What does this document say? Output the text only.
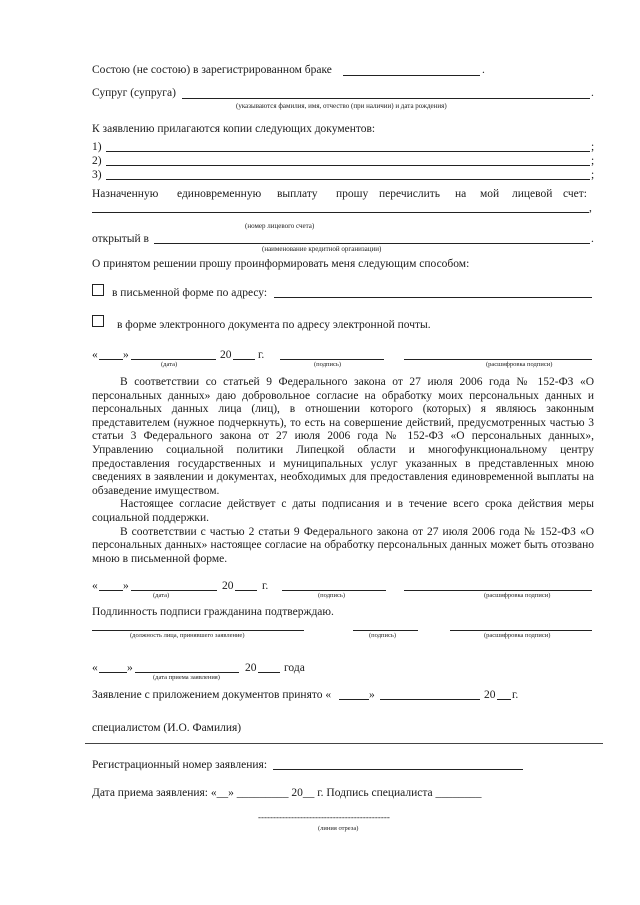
Состою (не состою) в зарегистрированном браке	.
Супруг (супруга)	.
(указываются фамилия, имя, отчество (при наличии) и дата рождения)
К заявлению прилагаются копии следующих документов:
1)	;
2)	;
3)	;
Назначенную единовременную выплату прошу перечислить на мой лицевой счет:
,
(номер лицевого счета)
открытый в	.
(наименование кредитной организации)
О принятом решении прошу проинформировать меня следующим способом:
в письменной форме по адресу:
в форме электронного документа по адресу электронной почты.
« »	20 г.
(дата)	(подпись)	(расшифровка подписи)

В соответствии со статьей 9 Федерального закона от 27 июля 2006 года № 152-ФЗ «О персональных данных» даю добровольное согласие на обработку моих персональных данных и персональных данных лица (лиц), в отношении которого (которых) я являюсь законным представителем (нужное подчеркнуть), то есть на совершение действий, предусмотренных частью 3 статьи 3 Федерального закона от 27 июля 2006 года № 152-ФЗ «О персональных данных», Управлению социальной политики Липецкой области и многофункциональному центру предоставления государственных и муниципальных услуг указанных в представленных мною сведениях в заявлении и документах, необходимых для предоставления единовременной выплаты на обзаведение имуществом.

Настоящее согласие действует с даты подписания и в течение всего срока действия меры социальной поддержки.

В соответствии с частью 2 статьи 9 Федерального закона от 27 июля 2006 года № 152-ФЗ «О персональных данных» настоящее согласие на обработку персональных данных может быть отозвано мною в письменной форме.

« »	20 г.
(дата)	(подпись)	(расшифровка подписи)
Подлинность подписи гражданина подтверждаю.
(должность лица, принявшего заявление)	(подпись)	(расшифровка подписи)
«	»	20 года
(дата приема заявления)
Заявление с приложением документов принято «	»	20 г.
специалистом (И.О. Фамилия)
Регистрационный номер заявления:
Дата приема заявления: «__» _________ 20__ г. Подпись специалиста ________
--------------------------------------------
(линия отреза)
